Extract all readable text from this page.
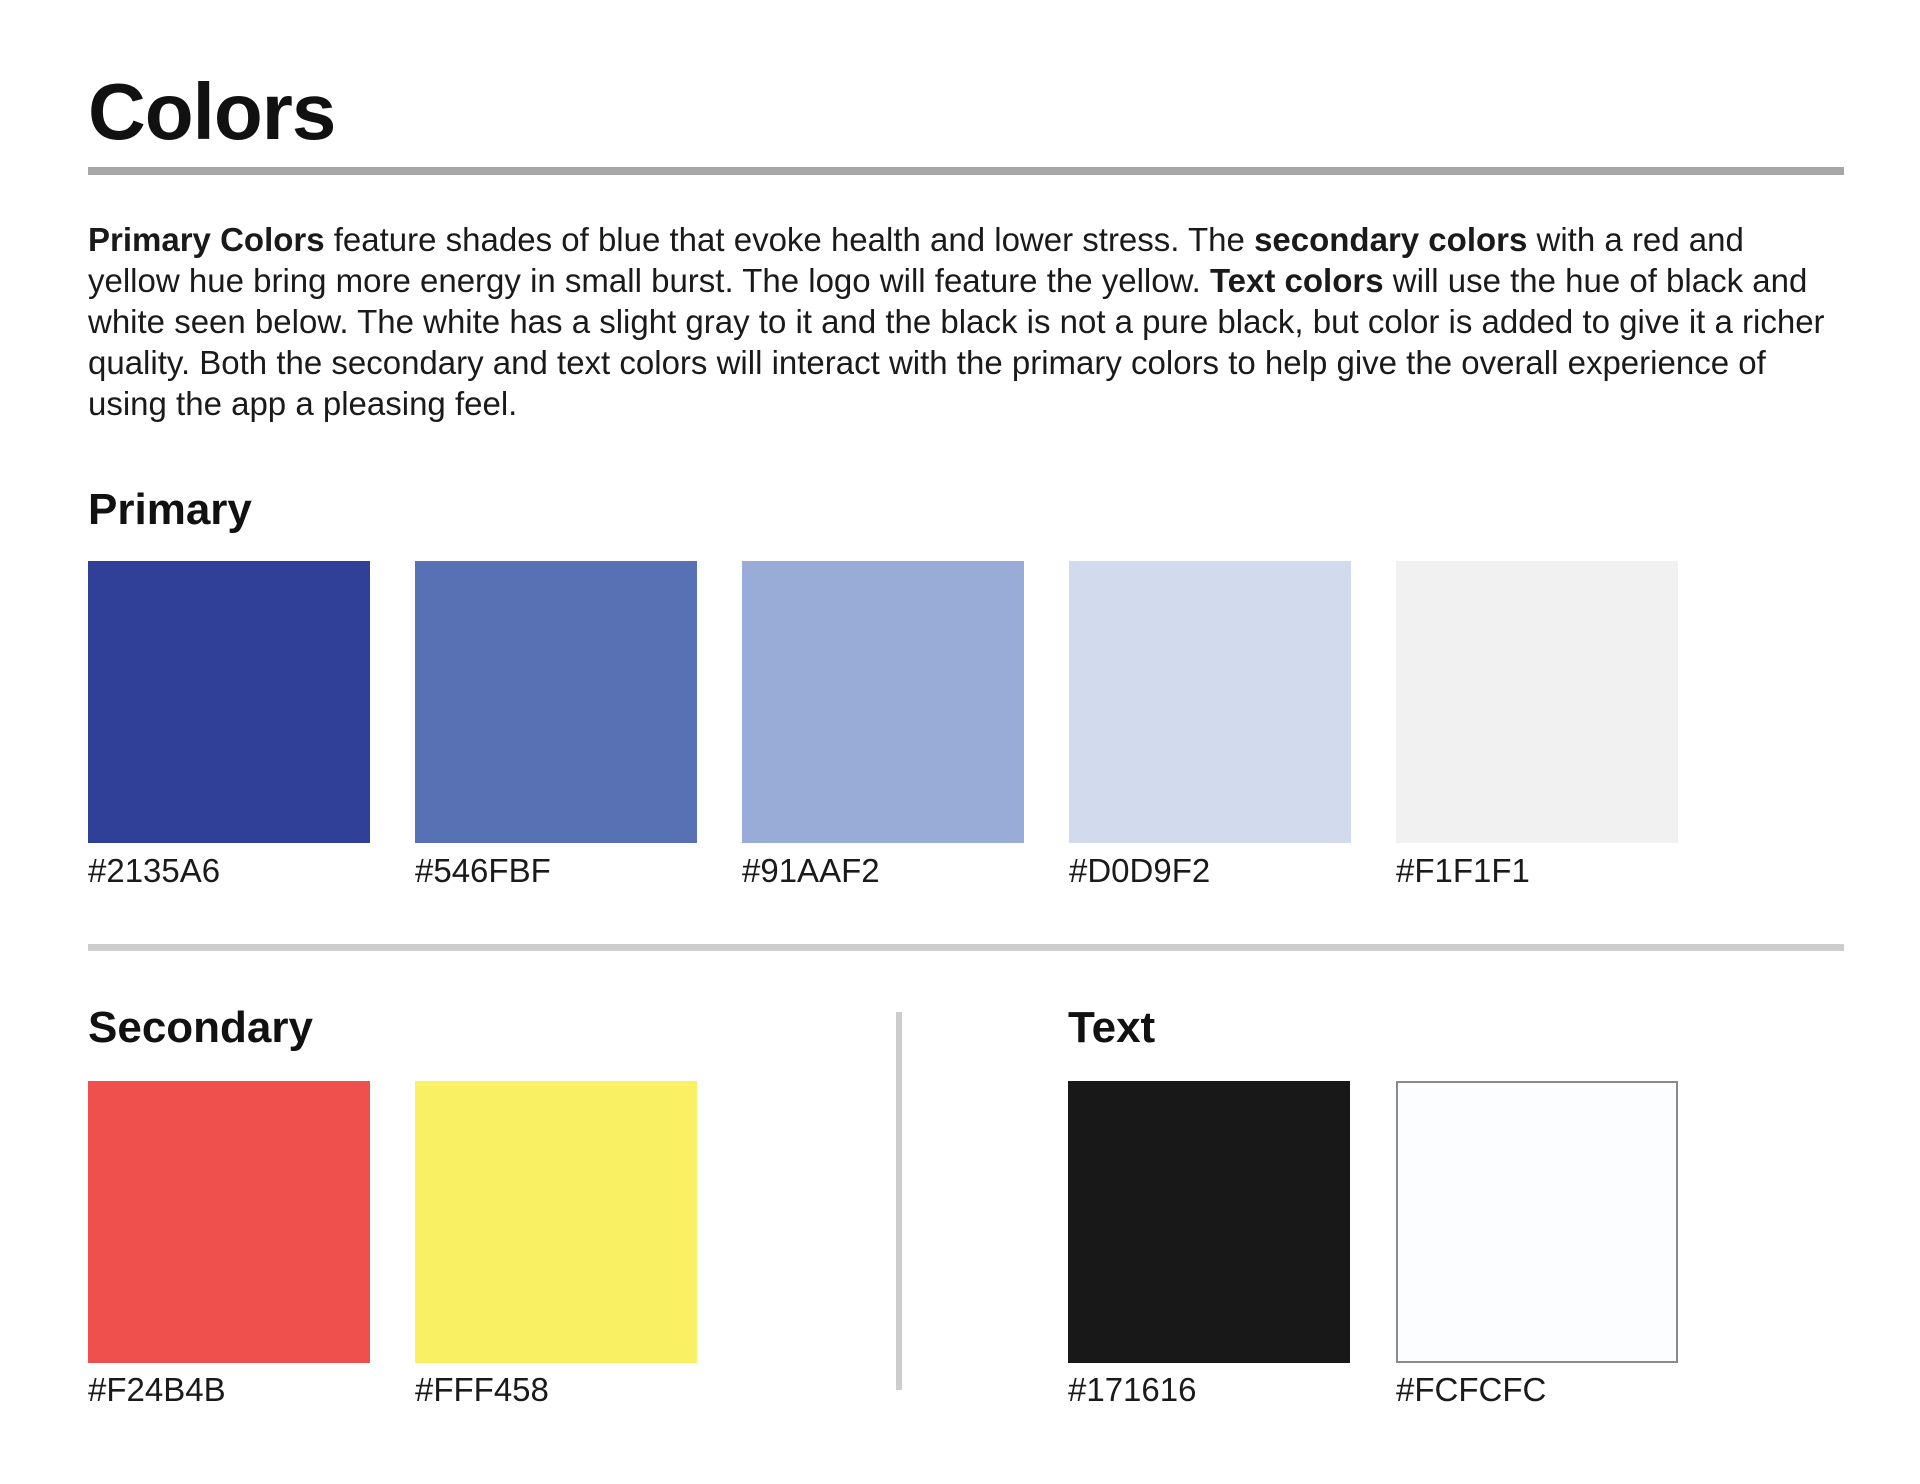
Colors

Primary Colors feature shades of blue that evoke health and lower stress. The secondary colors with a red and yellow hue bring more energy in small burst. The logo will feature the yellow. Text colors will use the hue of black and white seen below. The white has a slight gray to it and the black is not a pure black, but color is added to give it a richer quality. Both the secondary and text colors will interact with the primary colors to help give the overall experience of using the app a pleasing feel.

Primary
#2135A6	#546FBF	#91AAF2	#D0D9F2	#F1F1F1
Secondary
#F24B4B	#FFF458
Text
#171616	#FCFCFC
